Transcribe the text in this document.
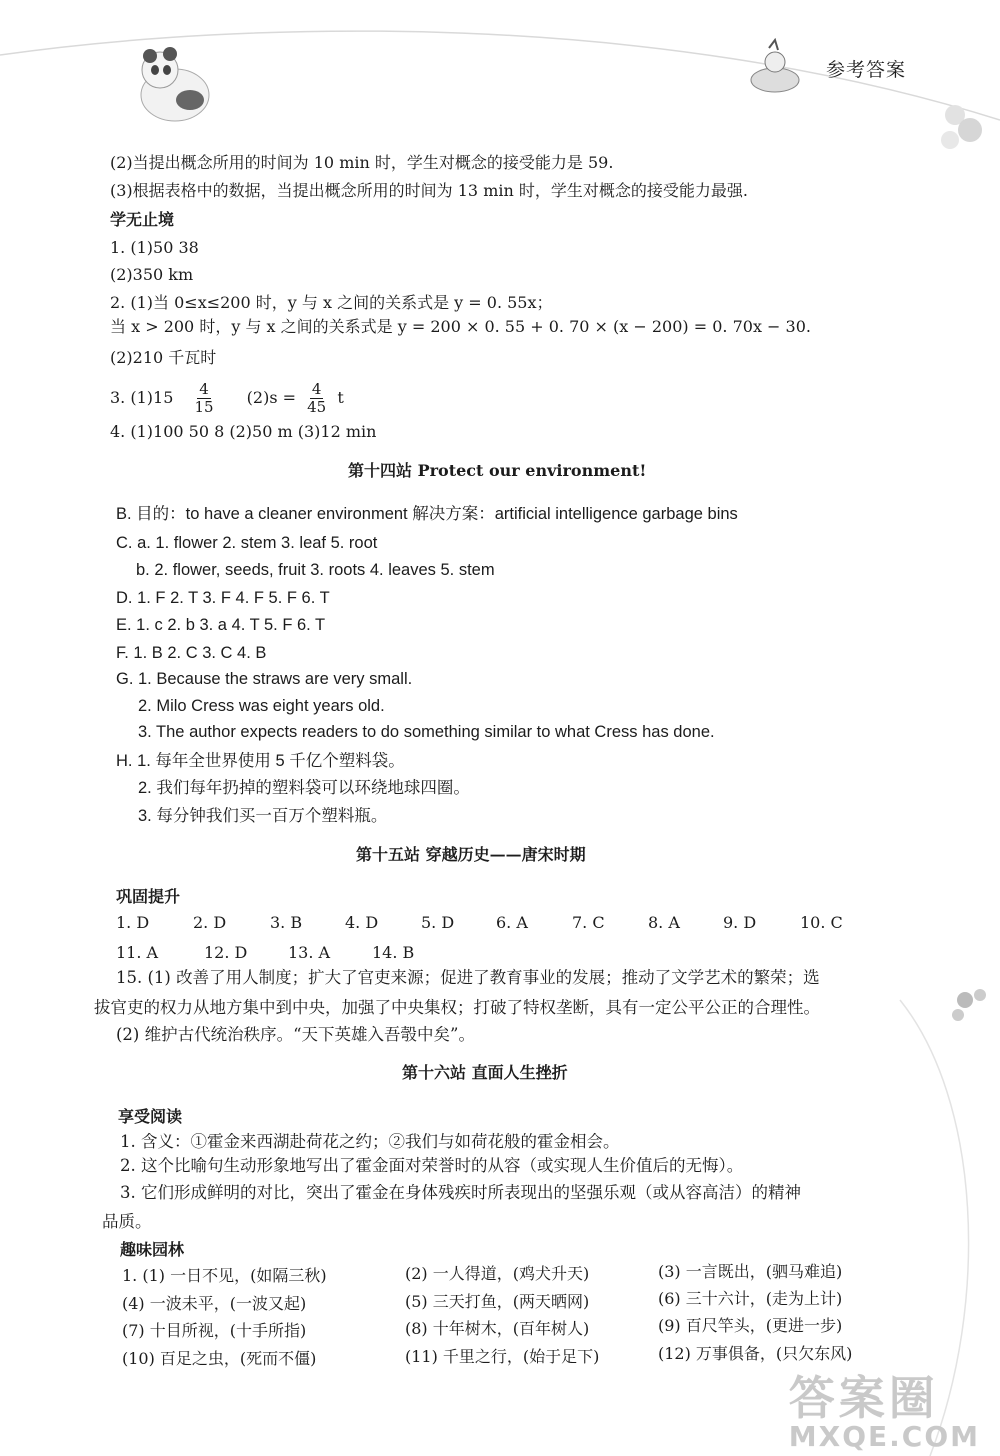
参考答案
(2)当提出概念所用的时间为 10 min 时，学生对概念的接受能力是 59.
(3)根据表格中的数据，当提出概念所用的时间为 13 min 时，学生对概念的接受能力最强.
学无止境
1. (1)50 38
(2)350 km
2. (1)当 0≤x≤200 时，y 与 x 之间的关系式是 y = 0. 55x；
当 x > 200 时，y 与 x 之间的关系式是 y = 200 × 0. 55 + 0. 70 × (x − 200) = 0. 70x − 30.
(2)210 千瓦时
3. $(1)15 \frac{4}{15} (2)s = \frac{4}{45}$ t
4. (1)100 50 8 (2)50 m (3)12 min
第十四站 Protect our environment!
B. 目的：to have a cleaner environment 解决方案：artificial intelligence garbage bins
C. a. 1. flower 2. stem 3. leaf 5. root
b. 2. flower, seeds, fruit 3. roots 4. leaves 5. stem
D. 1. F 2. T 3. F 4. F 5. F 6. T
E. 1. c 2. b 3. a 4. T 5. F 6. T
F. 1. B 2. C 3. C 4. B
G. 1. Because the straws are very small.
2. Milo Cress was eight years old.
3. The author expects readers to do something similar to what Cress has done.
H. 1. 每年全世界使用 5 千亿个塑料袋。
2. 我们每年扔掉的塑料袋可以环绕地球四圈。
3. 每分钟我们买一百万个塑料瓶。
第十五站 穿越历史——唐宋时期
巩固提升
1. D	2. D	3. B	4. D	5. D	6. A	7. C	8. A	9. D	10. C
11. A	12. D	13. A	14. B
15. (1) 改善了用人制度；扩大了官吏来源；促进了教育事业的发展；推动了文学艺术的繁荣；选
拔官吏的权力从地方集中到中央，加强了中央集权；打破了特权垄断，具有一定公平公正的合理性。
(2) 维护古代统治秩序。“天下英雄入吾彀中矣”。
第十六站 直面人生挫折
享受阅读
1. 含义：①霍金来西湖赴荷花之约；②我们与如荷花般的霍金相会。
2. 这个比喻句生动形象地写出了霍金面对荣誉时的从容（或实现人生价值后的无悔）。
3. 它们形成鲜明的对比，突出了霍金在身体残疾时所表现出的坚强乐观（或从容高洁）的精神
品质。
趣味园林
1. (1) 一日不见，(如隔三秋)	(2) 一人得道，(鸡犬升天)	(3) 一言既出，(驷马难追)
(4) 一波未平，(一波又起)	(5) 三天打鱼，(两天晒网)	(6) 三十六计，(走为上计)
(7) 十目所视，(十手所指)	(8) 十年树木，(百年树人)	(9) 百尺竿头，(更进一步)
(10) 百足之虫，(死而不僵)	(11) 千里之行，(始于足下)	(12) 万事俱备，(只欠东风)
答案圈
MXQE.COM
